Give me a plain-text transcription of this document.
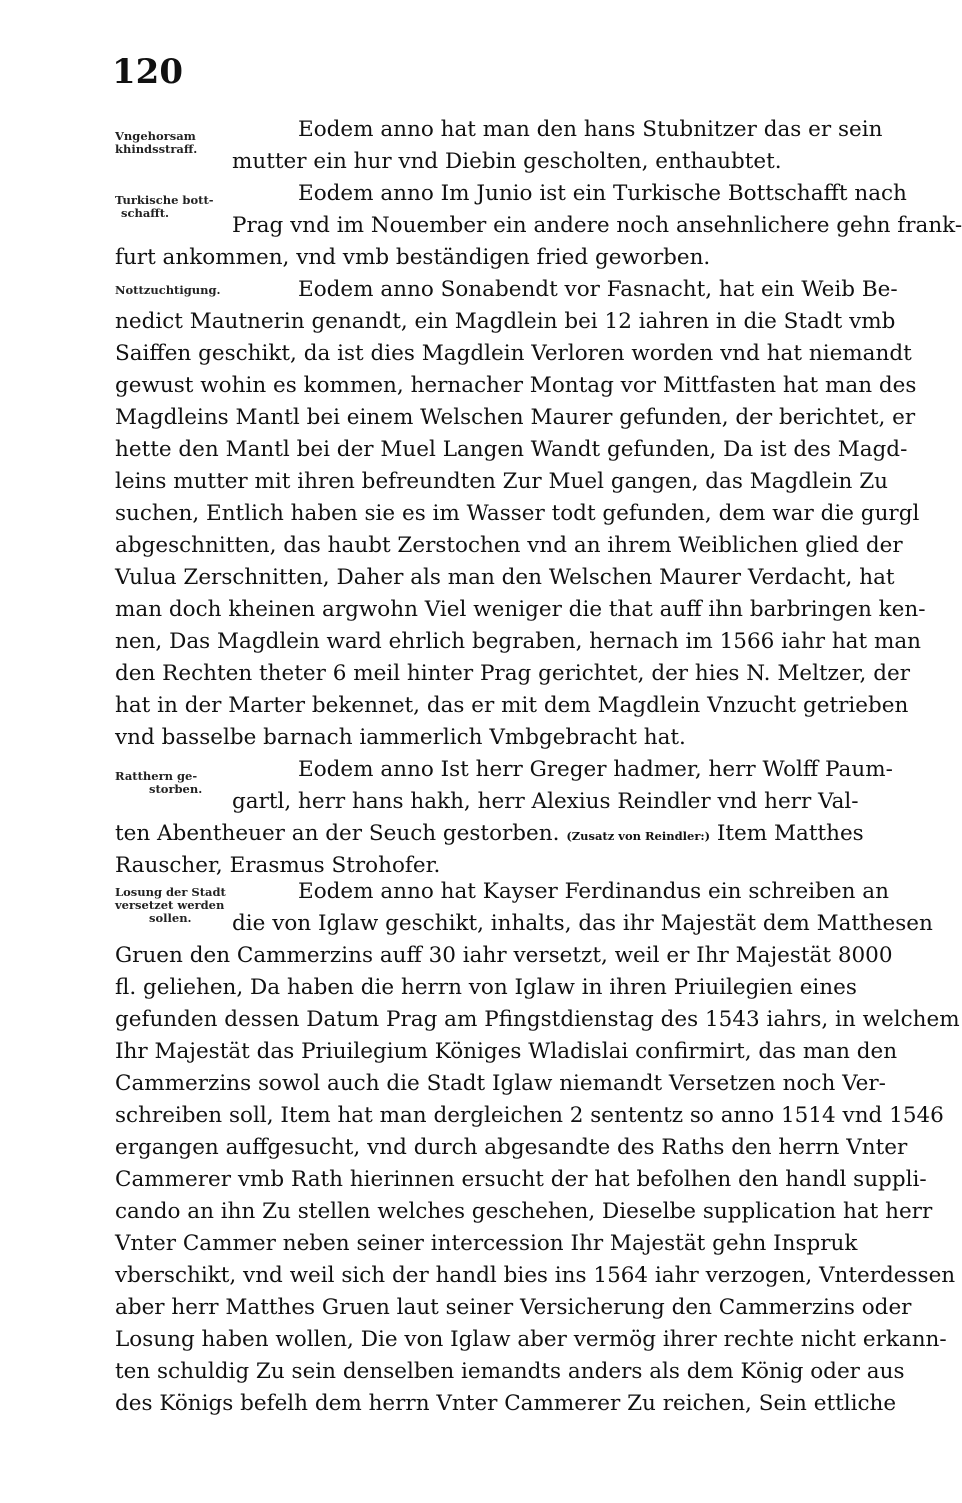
120
Vngehorsam
khindsstraff.
Eodem anno hat man den hans Stubnitzer das er sein
mutter ein hur vnd Diebin gescholten, enthaubtet.
Turkische bott-
schafft.
Eodem anno Im Junio ist ein Turkische Bottschafft nach
Prag vnd im Nouember ein andere noch ansehnlichere gehn frank-
furt ankommen, vnd vmb beständigen fried geworben.
Nottzuchtigung.	Eodem anno Sonabendt vor Fasnacht, hat ein Weib Be-
nedict Mautnerin genandt, ein Magdlein bei 12 iahren in die Stadt vmb
Saiffen geschikt, da ist dies Magdlein Verloren worden vnd hat niemandt
gewust wohin es kommen, hernacher Montag vor Mittfasten hat man des
Magdleins Mantl bei einem Welschen Maurer gefunden, der berichtet, er
hette den Mantl bei der Muel Langen Wandt gefunden, Da ist des Magd-
leins mutter mit ihren befreundten Zur Muel gangen, das Magdlein Zu
suchen, Entlich haben sie es im Wasser todt gefunden, dem war die gurgl
abgeschnitten, das haubt Zerstochen vnd an ihrem Weiblichen glied der
Vulua Zerschnitten, Daher als man den Welschen Maurer Verdacht, hat
man doch kheinen argwohn Viel weniger die that auff ihn barbringen ken-
nen, Das Magdlein ward ehrlich begraben, hernach im 1566 iahr hat man
den Rechten theter 6 meil hinter Prag gerichtet, der hies N. Meltzer, der
hat in der Marter bekennet, das er mit dem Magdlein Vnzucht getrieben
vnd basselbe barnach iammerlich Vmbgebracht hat.
Ratthern ge-
storben.
Eodem anno Ist herr Greger hadmer, herr Wolff Paum-
gartl, herr hans hakh, herr Alexius Reindler vnd herr Val-
ten Abentheuer an der Seuch gestorben. (Zusatz von Reindler:) Item Matthes
Rauscher, Erasmus Strohofer.
Losung der Stadt
versetzet werden
sollen.
Eodem anno hat Kayser Ferdinandus ein schreiben an
die von Iglaw geschikt, inhalts, das ihr Majestät dem Matthesen
Gruen den Cammerzins auff 30 iahr versetzt, weil er Ihr Majestät 8000
fl. geliehen, Da haben die herrn von Iglaw in ihren Priuilegien eines
gefunden dessen Datum Prag am Pfingstdienstag des 1543 iahrs, in welchem
Ihr Majestät das Priuilegium Königes Wladislai confirmirt, das man den
Cammerzins sowol auch die Stadt Iglaw niemandt Versetzen noch Ver-
schreiben soll, Item hat man dergleichen 2 sententz so anno 1514 vnd 1546
ergangen auffgesucht, vnd durch abgesandte des Raths den herrn Vnter
Cammerer vmb Rath hierinnen ersucht der hat befolhen den handl suppli-
cando an ihn Zu stellen welches geschehen, Dieselbe supplication hat herr
Vnter Cammer neben seiner intercession Ihr Majestät gehn Inspruk
vberschikt, vnd weil sich der handl bies ins 1564 iahr verzogen, Vnterdessen
aber herr Matthes Gruen laut seiner Versicherung den Cammerzins oder
Losung haben wollen, Die von Iglaw aber vermög ihrer rechte nicht erkann-
ten schuldig Zu sein denselben iemandts anders als dem König oder aus
des Königs befelh dem herrn Vnter Cammerer Zu reichen, Sein ettliche
